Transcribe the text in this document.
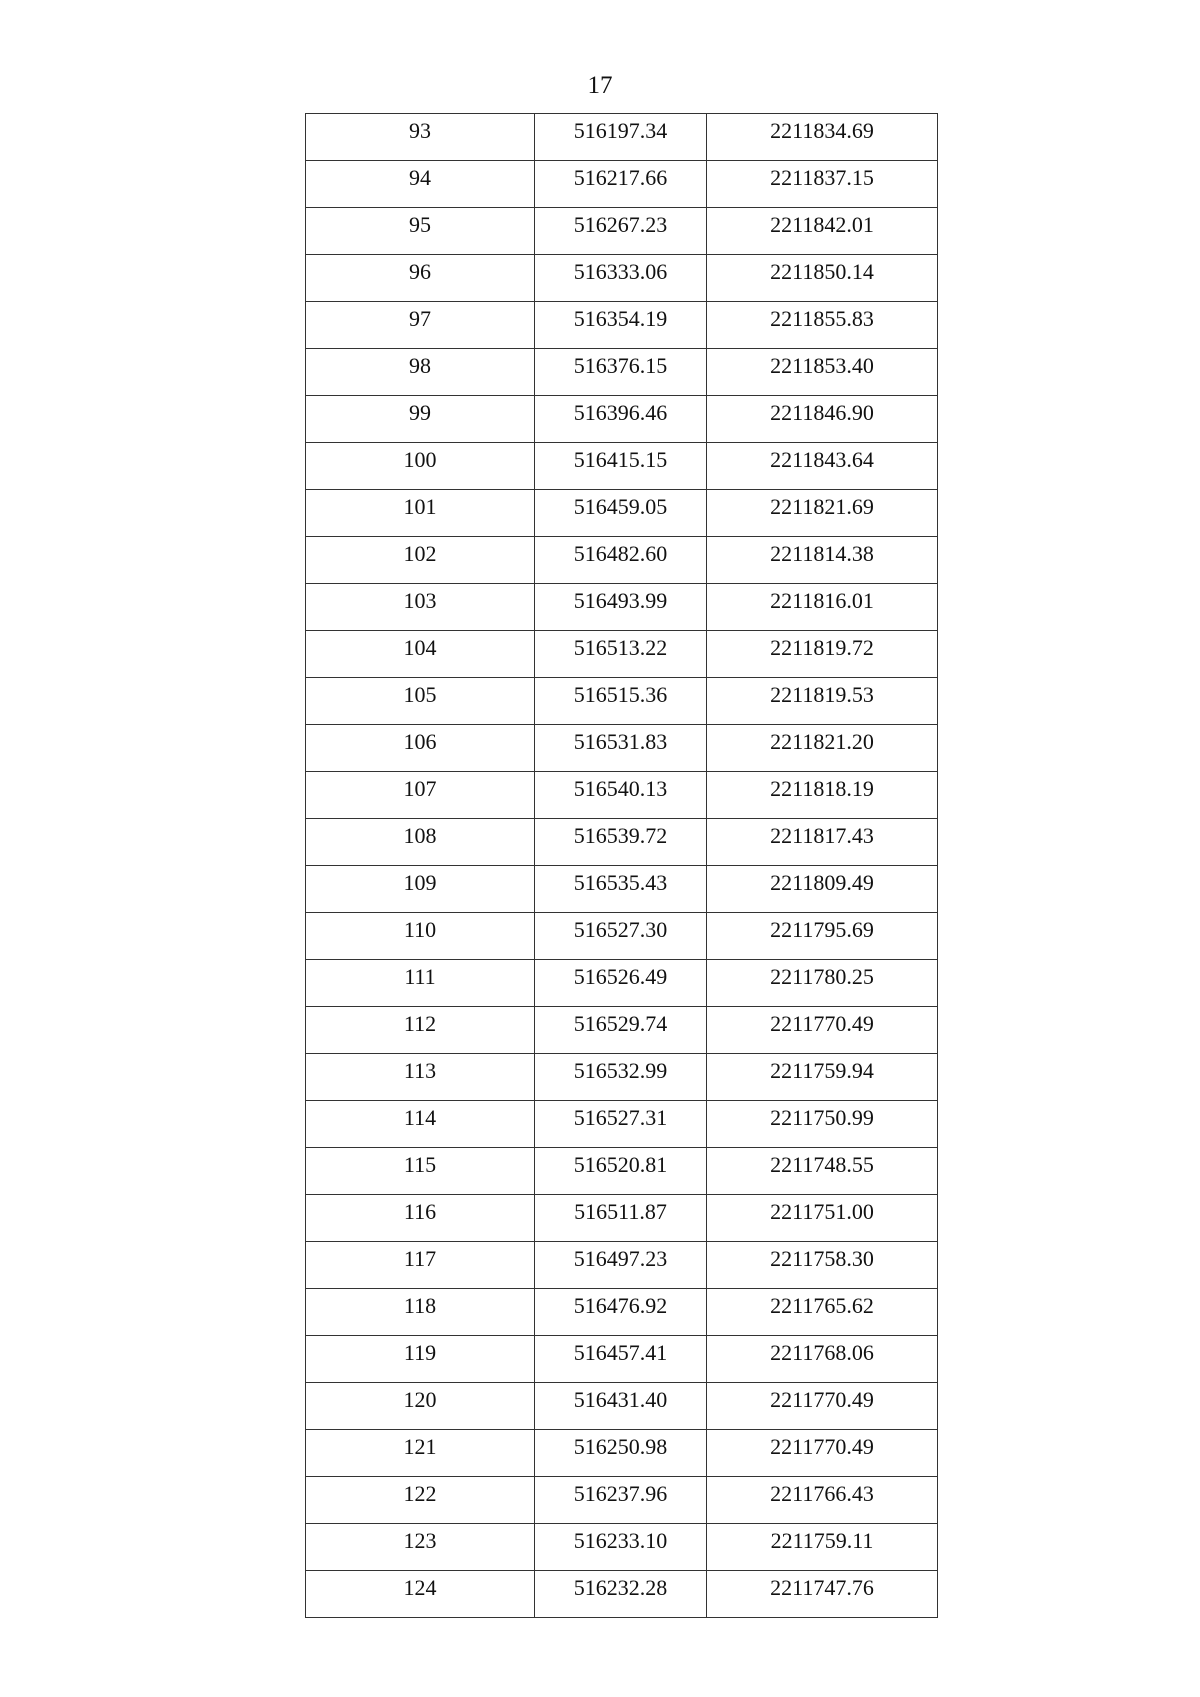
17
93	516197.34	2211834.69

94	516217.66	2211837.15

95	516267.23	2211842.01

96	516333.06	2211850.14

97	516354.19	2211855.83

98	516376.15	2211853.40

99	516396.46	2211846.90

100	516415.15	2211843.64

101	516459.05	2211821.69

102	516482.60	2211814.38

103	516493.99	2211816.01

104	516513.22	2211819.72

105	516515.36	2211819.53

106	516531.83	2211821.20

107	516540.13	2211818.19

108	516539.72	2211817.43

109	516535.43	2211809.49

110	516527.30	2211795.69

111	516526.49	2211780.25

112	516529.74	2211770.49

113	516532.99	2211759.94

114	516527.31	2211750.99

115	516520.81	2211748.55

116	516511.87	2211751.00

117	516497.23	2211758.30

118	516476.92	2211765.62

119	516457.41	2211768.06

120	516431.40	2211770.49

121	516250.98	2211770.49

122	516237.96	2211766.43

123	516233.10	2211759.11

124	516232.28	2211747.76
